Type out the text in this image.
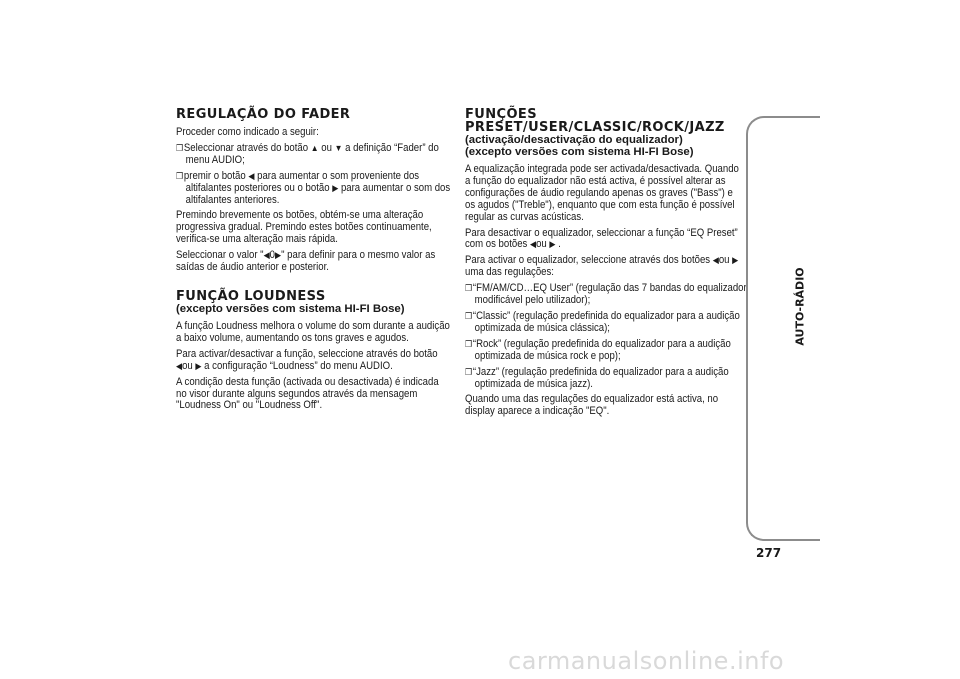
REGULAÇÃO DO FADER

Proceder como indicado a seguir:

❒Seleccionar através do botão ▲ ou ▼ a definição “Fader” do menu AUDIO;
❒premir o botão ◀ para aumentar o som proveniente dos altifalantes posteriores ou o botão ▶ para aumentar o som dos altifalantes anteriores.

Premindo brevemente os botões, obtém-se uma alteração progressiva gradual. Premindo estes botões continuamente, verifica-se uma alteração mais rápida.

Seleccionar o valor "◀0▶" para definir para o mesmo valor as saídas de áudio anterior e posterior.

FUNÇÃO LOUDNESS
(excepto versões com sistema HI-FI Bose)

A função Loudness melhora o volume do som durante a audição a baixo volume, aumentando os tons graves e agudos.

Para activar/desactivar a função, seleccione através do botão ◀ou ▶ a configuração “Loudness” do menu AUDIO.

A condição desta função (activada ou desactivada) é indicada no visor durante alguns segundos através da mensagem "Loudness On" ou "Loudness Off".

FUNÇÕES
PRESET/USER/CLASSIC/ROCK/JAZZ
(activação/desactivação do equalizador)
(excepto versões com sistema HI-FI Bose)

A equalização integrada pode ser activada/desactivada. Quando a função do equalizador não está activa, é possível alterar as configurações de áudio regulando apenas os graves ("Bass") e os agudos ("Treble"), enquanto que com esta função é possível regular as curvas acústicas.

Para desactivar o equalizador, seleccionar a função “EQ Preset” com os botões ◀ou ▶ .

Para activar o equalizador, seleccione através dos botões ◀ou ▶ uma das regulações:

❒“FM/AM/CD…EQ User” (regulação das 7 bandas do equalizador modificável pelo utilizador);
❒“Classic” (regulação predefinida do equalizador para a audição optimizada de música clássica);
❒“Rock” (regulação predefinida do equalizador para a audição optimizada de música rock e pop);
❒“Jazz” (regulação predefinida do equalizador para a audição optimizada de música jazz).

Quando uma das regulações do equalizador está activa, no display aparece a indicação "EQ".

AUTO-RÁDIO
277
carmanualsonline.info
